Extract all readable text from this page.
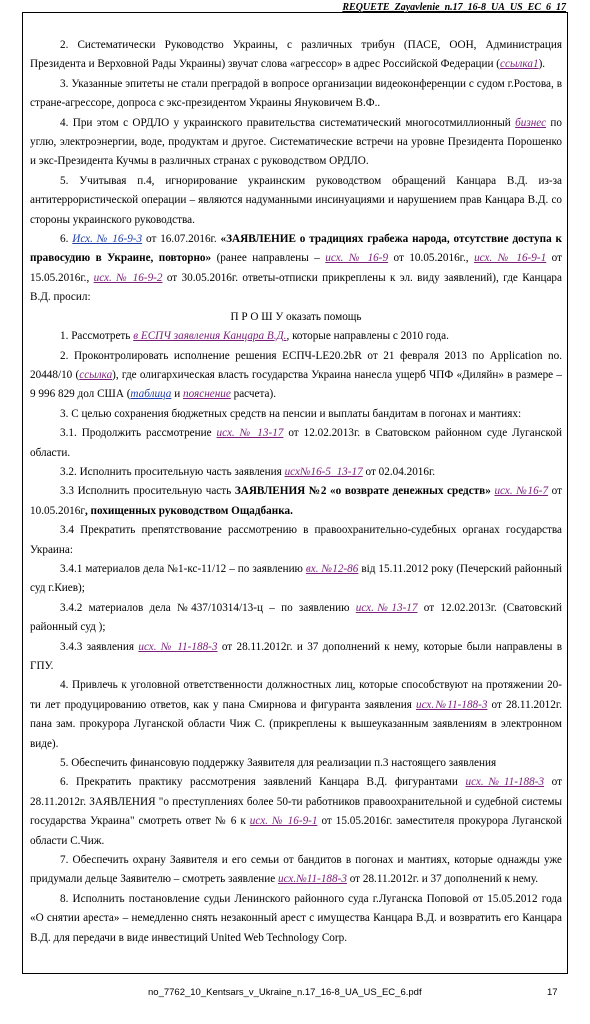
REQUETE_Zayavlenie_n.17_16-8_UA_US_EC_6_17

2. Систематически Руководство Украины, с различных трибун (ПАСЕ, ООН, Администрация Президента и Верховной Рады Украины) звучат слова «агрессор» в адрес Российской Федерации (ссылка1).

3. Указанные эпитеты не стали преградой в вопросе организации видеоконференции с судом г.Ростова, в стране-агрессоре, допроса с экс-президентом Украины Януковичем В.Ф..

4. При этом с ОРДЛО у украинского правительства систематический многосотмиллионный бизнес по углю, электроэнергии, воде, продуктам и другое. Систематические встречи на уровне Президента Порошенко и экс-Президента Кучмы в различных странах с руководством ОРДЛО.

5. Учитывая п.4, игнорирование украинским руководством обращений Канцара В.Д. из-за антитеррористической операции – являются надуманными инсинуациями и нарушением прав Канцара В.Д. со стороны украинского руководства.

6. Исх. № 16-9-3 от 16.07.2016г. «ЗАЯВЛЕНИЕ о традициях грабежа народа, отсутствие доступа к правосудию в Украине, повторно» (ранее направлены – исх. № 16-9 от 10.05.2016г., исх. № 16-9-1 от 15.05.2016г., исх. № 16-9-2 от 30.05.2016г. ответы-отписки прикреплены к эл. виду заявлений), где Канцара В.Д. просил:

П Р О Ш У оказать помощь

1. Рассмотреть в ЕСПЧ заявления Канцара В.Д., которые направлены с 2010 года.

2. Проконтролировать исполнение решения ЕСПЧ-LE20.2bR от 21 февраля 2013 по Application no. 20448/10 (ссылка), где олигархическая власть государства Украина нанесла ущерб ЧПФ «Диляйн» в размере – 9 996 829 дол США (таблица и пояснение расчета).

3. С целью сохранения бюджетных средств на пенсии и выплаты бандитам в погонах и мантиях:

3.1. Продолжить рассмотрение исх. № 13-17 от 12.02.2013г. в Сватовском районном суде Луганской области.

3.2. Исполнить просительную часть заявления исх№16-5_13-17 от 02.04.2016г.

3.3 Исполнить просительную часть ЗАЯВЛЕНИЯ №2 «о возврате денежных средств» исх. №16-7 от 10.05.2016г, похищенных руководством Ощадбанка.

3.4 Прекратить препятствование рассмотрению в правоохранительно-судебных органах государства Украина:

3.4.1 материалов дела №1-кс-11/12 – по заявлению вх. №12-86 від 15.11.2012 року (Печерский районный суд г.Киев);

3.4.2 материалов дела №437/10314/13-ц – по заявлению исх.№13-17 от 12.02.2013г. (Сватовский районный суд );

3.4.3 заявления исх. № 11-188-3 от 28.11.2012г. и 37 дополнений к нему, которые были направлены в ГПУ.

4. Привлечь к уголовной ответственности должностных лиц, которые способствуют на протяжении 20-ти лет продуцированию ответов, как у пана Смирнова и фигуранта заявления исх.№11-188-3 от 28.11.2012г. пана зам. прокурора Луганской области Чиж С. (прикреплены к вышеуказанным заявлениям в электронном виде).

5. Обеспечить финансовую поддержку Заявителя для реализации п.3 настоящего заявления

6. Прекратить практику рассмотрения заявлений Канцара В.Д. фигурантами исх.№11-188-3 от 28.11.2012г. ЗАЯВЛЕНИЯ "о преступлениях более 50-ти работников правоохранительной и судебной системы государства Украина" смотреть ответ № 6 к исх. № 16-9-1 от 15.05.2016г. заместителя прокурора Луганской области С.Чиж.

7. Обеспечить охрану Заявителя и его семьи от бандитов в погонах и мантиях, которые однажды уже придумали дельце Заявителю – смотреть заявление исх.№11-188-3 от 28.11.2012г. и 37 дополнений к нему.

8. Исполнить постановление судьи Ленинского районного суда г.Луганска Поповой от 15.05.2012 года «О снятии ареста» – немедленно снять незаконный арест с имущества Канцара В.Д. и возвратить его Канцара В.Д. для передачи в виде инвестиций United Web Technology Corp.

no_7762_10_Kentsars_v_Ukraine_n.17_16-8_UA_US_EC_6.pdf	17
